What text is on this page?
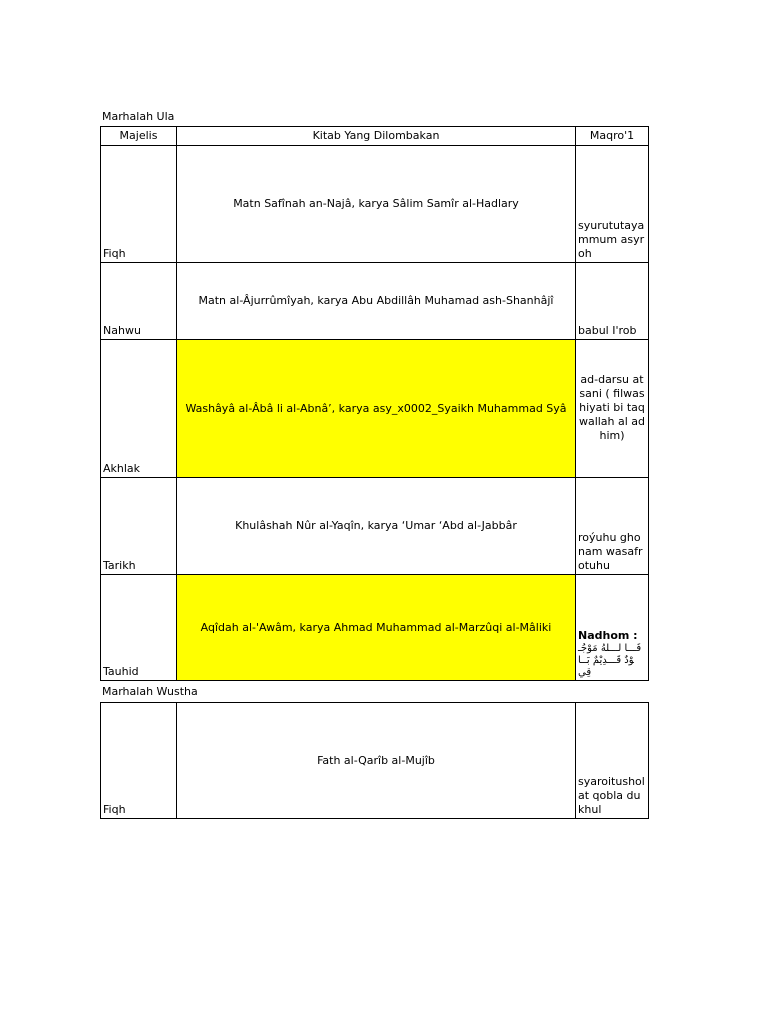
Marhalah Ula
Majelis	Kitab Yang Dilombakan	Maqro'1
Fiqh	Matn Safînah an-Najâ, karya Sâlim Samîr al-Hadlary	syurututayammum asyroh
Nahwu	Matn al-Âjurrûmîyah, karya Abu Abdillâh Muhamad ash-Shanhâjî	babul I'rob
Akhlak	Washâyâ al-Âbâ li al-Abnâ’, karya asy_x0002_Syaikh Muhammad Syâ	ad-darsu atsani ( filwashiyati bi taqwallah al adhim)
Tarikh	Khulâshah Nûr al-Yaqîn, karya ‘Umar ‘Abd al-Jabbâr	roýuhu ghonam wasafrotuhu
Tauhid	Aqîdah al-'Awâm, karya Ahmad Muhammad al-Marzûqi al-Mâliki	Nadhom :
فَـــا لـــلهُ مَوْجُـوْدٌ قَـــدِيْمٌ بَــاقِي
Marhalah Wustha
Fiqh	Fath al-Qarîb al-Mujîb	syaroitushol at qobla dukhul
